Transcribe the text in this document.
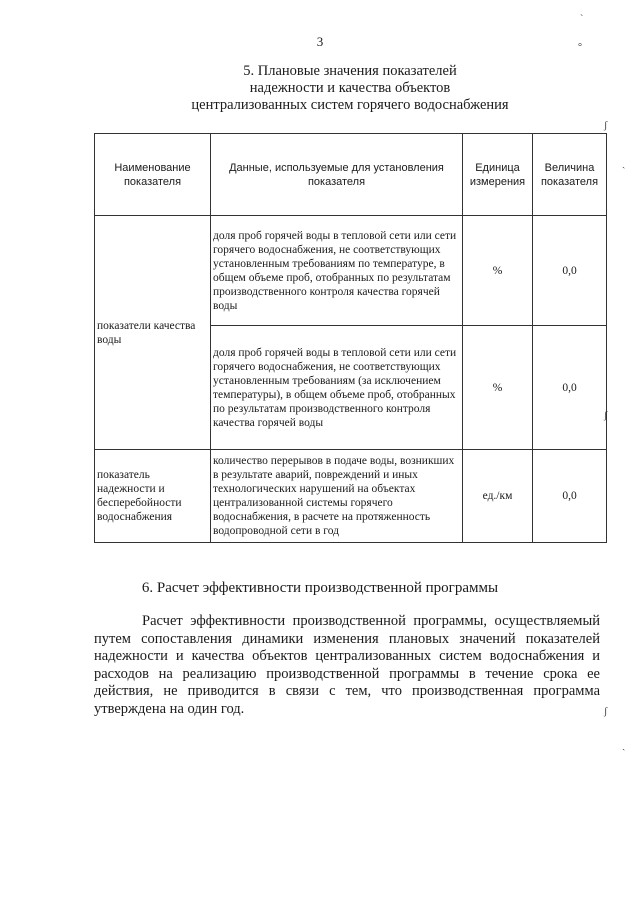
3
5. Плановые значения показателей
надежности и качества объектов
централизованных систем горячего водоснабжения
Наименование показателя	Данные, используемые для установления показателя	Единица измерения	Величина показателя
показатели качества воды	доля проб горячей воды в тепловой сети или сети горячего водоснабжения, не соответствующих установленным требованиям по температуре, в общем объеме проб, отобранных по результатам производственного контроля качества горячей воды	%	0,0
	доля проб горячей воды в тепловой сети или сети горячего водоснабжения, не соответствующих установленным требованиям (за исключением температуры), в общем объеме проб, отобранных по результатам производственного контроля качества горячей воды	%	0,0
показатель надежности и бесперебойности водоснабжения	количество перерывов в подаче воды, возникших в результате аварий, повреждений и иных технологических нарушений на объектах централизованной системы горячего водоснабжения, в расчете на протяженность водопроводной сети в год	ед./км	0,0
6. Расчет эффективности производственной программы

Расчет эффективности производственной программы, осуществляемый путем сопоставления динамики изменения плановых значений показателей надежности и качества объектов централизованных систем водоснабжения и расходов на реализацию производственной программы в течение срока ее действия, не приводится в связи с тем, что производственная программа утверждена на один год.

ˋ
°
ʃ
ˏ
ʃ
ʃ
ˏ
